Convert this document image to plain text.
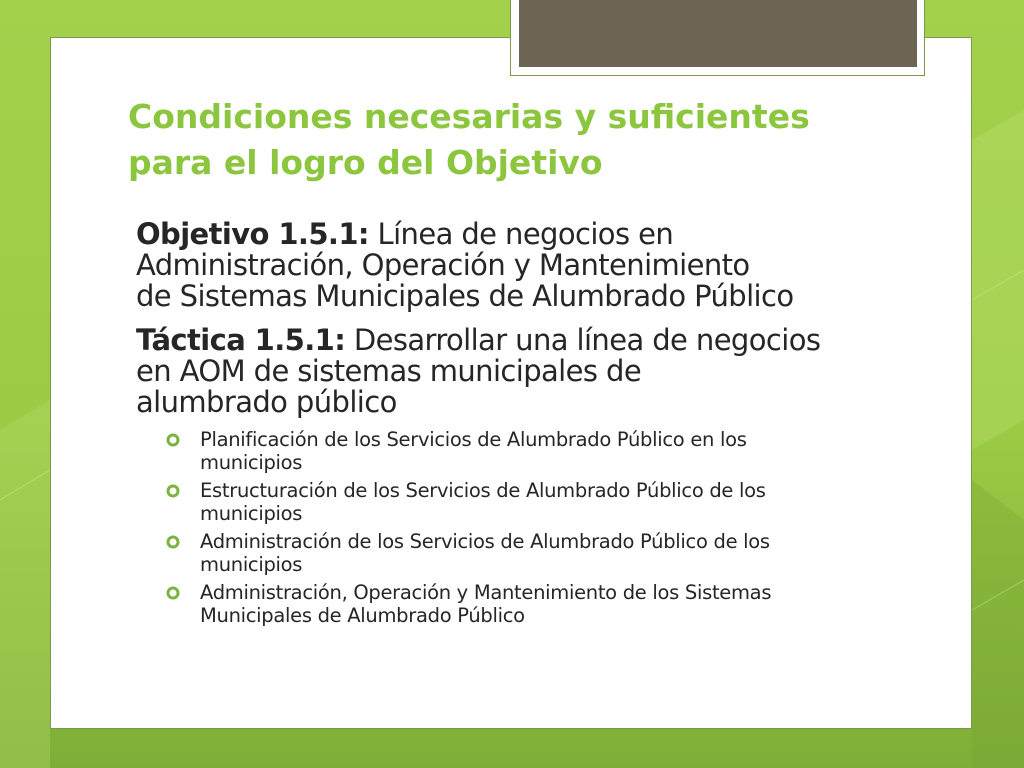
Condiciones necesarias y suficientes
para el logro del Objetivo

Objetivo 1.5.1: Línea de negocios en
Administración, Operación y Mantenimiento
de Sistemas Municipales de Alumbrado Público

Táctica 1.5.1: Desarrollar una línea de negocios
en AOM de sistemas municipales de
alumbrado público

Planificación de los Servicios de Alumbrado Público en los
municipios
Estructuración de los Servicios de Alumbrado Público de los
municipios
Administración de los Servicios de Alumbrado Público de los
municipios
Administración, Operación y Mantenimiento de los Sistemas
Municipales de Alumbrado Público
